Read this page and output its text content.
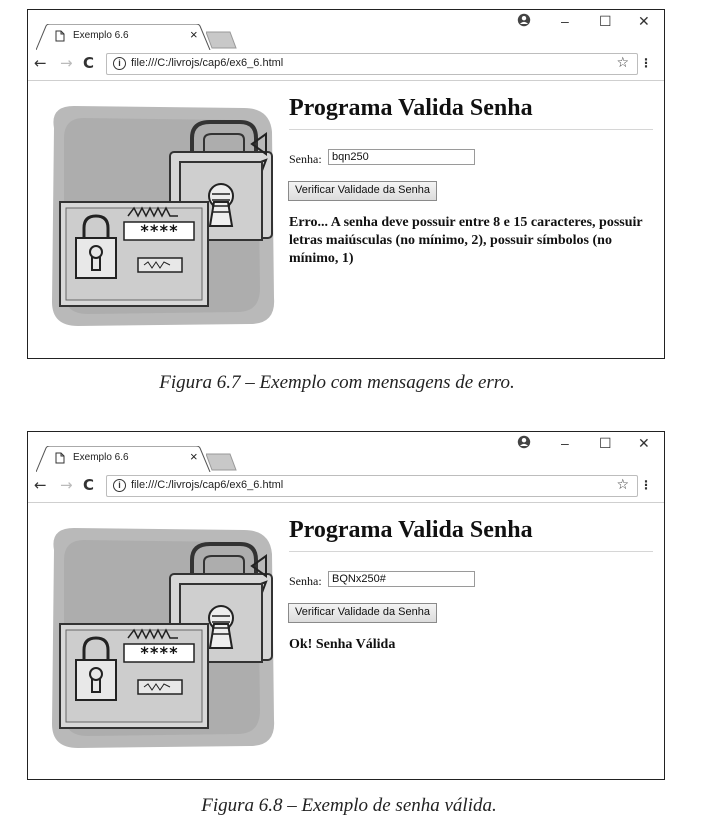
Exemplo 6.6	×
– ☐ ✕
← → C	i file:///C:/livrojs/cap6/ex6_6.html	☆ ⋮
****
Programa Valida Senha
Senha: bqn250
Verificar Validade da Senha
Erro... A senha deve possuir entre 8 e 15 caracteres, possuir letras maiúsculas (no mínimo, 2), possuir símbolos (no mínimo, 1)
Figura 6.7 – Exemplo com mensagens de erro.
Exemplo 6.6	×
– ☐ ✕
← → C	i file:///C:/livrojs/cap6/ex6_6.html	☆ ⋮
****
Programa Valida Senha
Senha: BQNx250#
Verificar Validade da Senha
Ok! Senha Válida
Figura 6.8 – Exemplo de senha válida.
